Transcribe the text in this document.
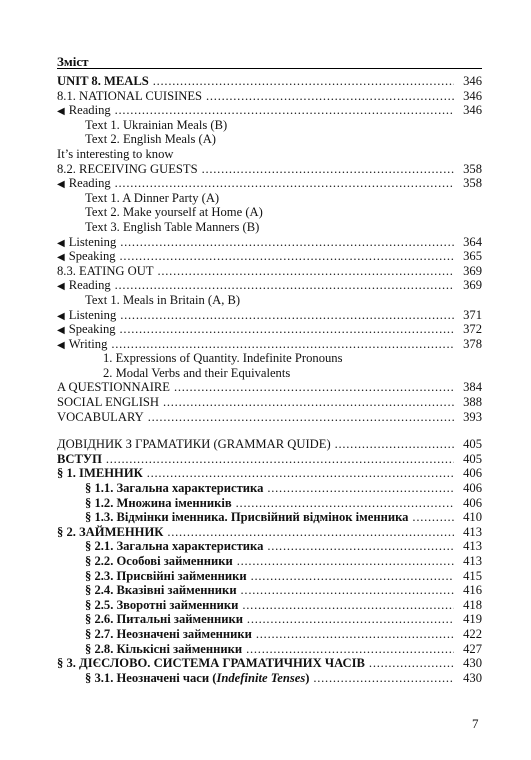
Зміст
UNIT 8. MEALS . . .	346
8.1. NATIONAL CUISINES . . .	346
◀ Reading . . .	346
Text 1. Ukrainian Meals (B)
Text 2. English Meals (A)
It’s interesting to know
8.2. RECEIVING GUESTS . . .	358
◀ Reading . . .	358
Text 1. A Dinner Party (A)
Text 2. Make yourself at Home (A)
Text 3. English Table Manners (B)
◀ Listening . . .	364
◀ Speaking . . .	365
8.3. EATING OUT . . .	369
◀ Reading . . .	369
Text 1. Meals in Britain (A, B)
◀ Listening . . .	371
◀ Speaking . . .	372
◀ Writing . . .	378
1. Expressions of Quantity. Indefinite Pronouns
2. Modal Verbs and their Equivalents
A QUESTIONNAIRE . . .	384
SOCIAL ENGLISH . . .	388
VOCABULARY . . .	393
ДОВІДНИК З ГРАМАТИКИ (GRAMMAR QUIDE) . . .	405
ВСТУП . . .	405
§ 1. ІМЕННИК . . .	406
§ 1.1. Загальна характеристика . . .	406
§ 1.2. Множина іменників . . .	406
§ 1.3. Відмінки іменника. Присвійний відмінок іменника . . .	410
§ 2. ЗАЙМЕННИК . . .	413
§ 2.1. Загальна характеристика . . .	413
§ 2.2. Особові займенники . . .	413
§ 2.3. Присвійні займенники . . .	415
§ 2.4. Вказівні займенники . . .	416
§ 2.5. Зворотні займенники . . .	418
§ 2.6. Питальні займенники . . .	419
§ 2.7. Неозначені займенники . . .	422
§ 2.8. Кількісні займенники . . .	427
§ 3. ДІЄСЛОВО. СИСТЕМА ГРАМАТИЧНИХ ЧАСІВ . . .	430
§ 3.1. Неозначені часи (Indefinite Tenses) . . .	430
7
